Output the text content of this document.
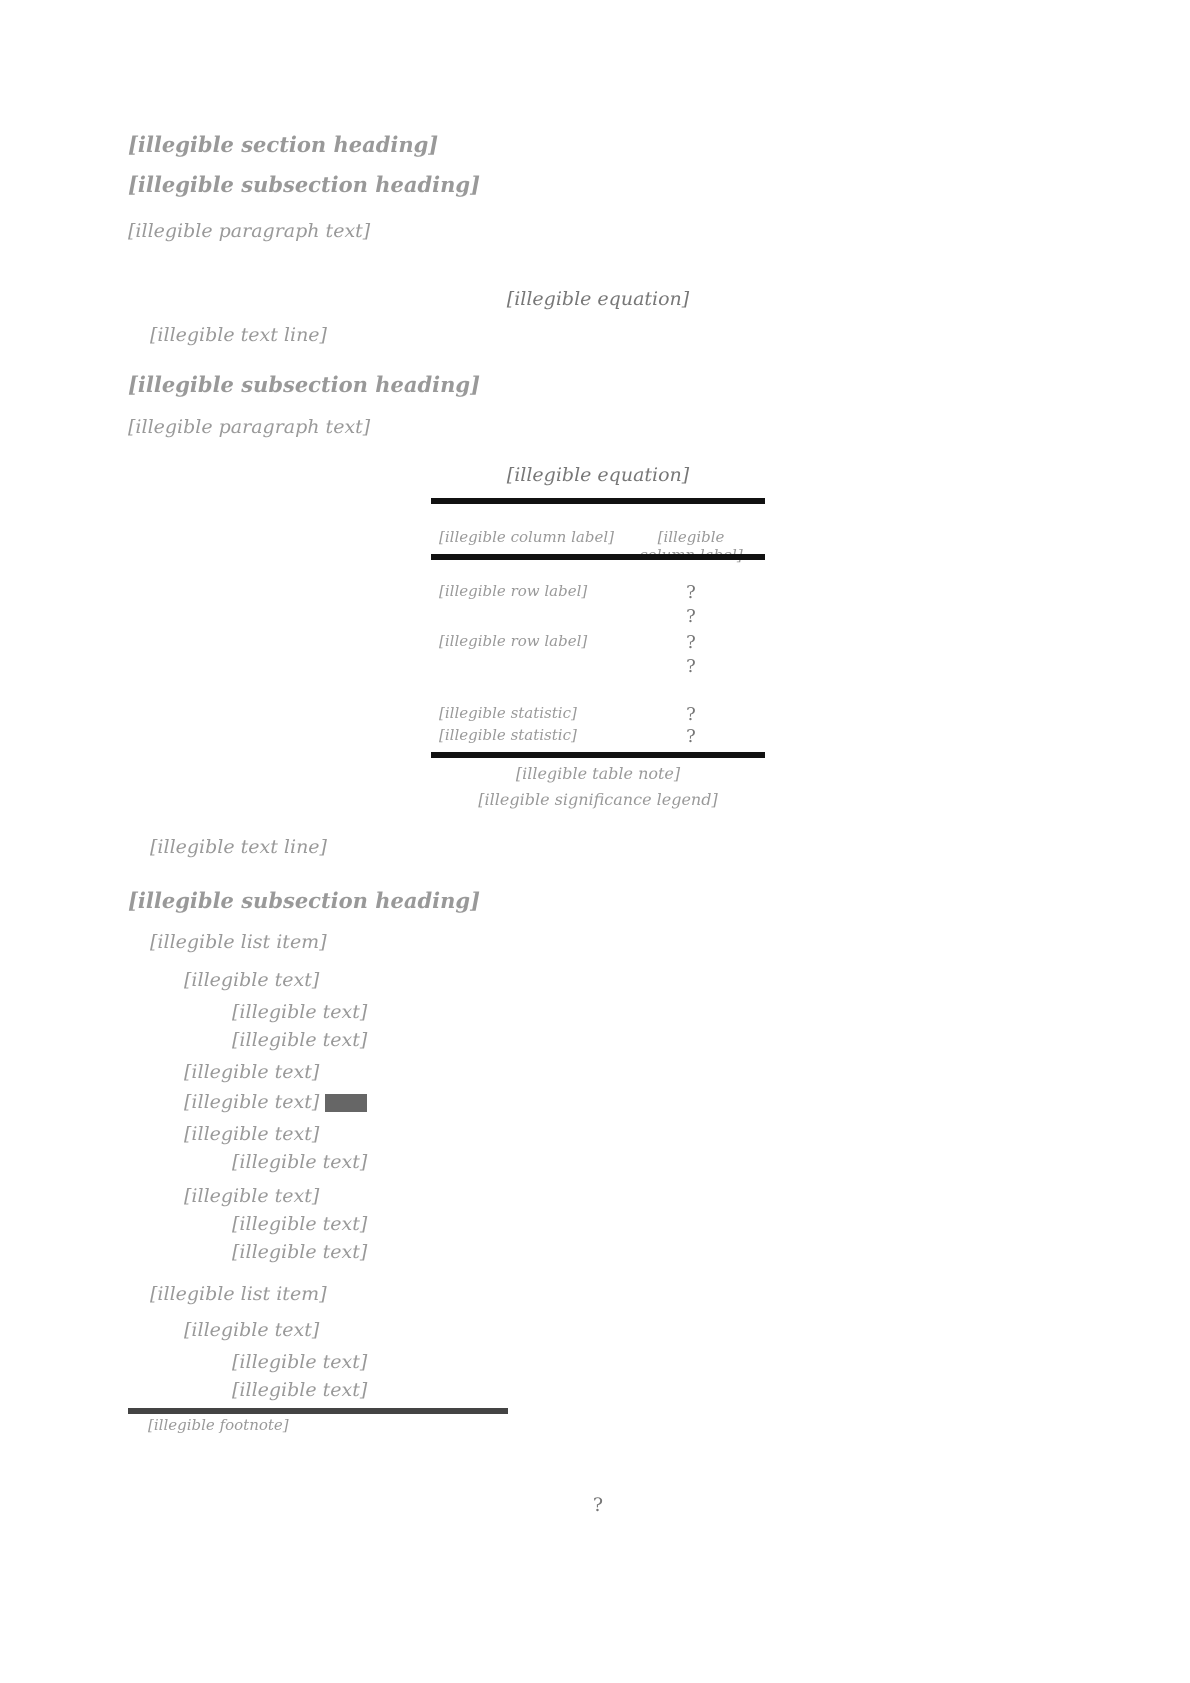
[illegible section heading]
[illegible subsection heading]

[illegible paragraph text]

[illegible equation]

[illegible text line]

[illegible subsection heading]

[illegible paragraph text]

[illegible equation]
[illegible column label]	[illegible
[illegible row label]	?
?
[illegible row label]	?
?
[illegible statistic]	?
[illegible statistic]	?
[illegible table note]
[illegible significance legend]

[illegible text line]

[illegible subsection heading]
[illegible list item]
[illegible text]
[illegible text]
[illegible text]
[illegible text]
[illegible text]
[illegible text]
[illegible text]
[illegible text]
[illegible text]
[illegible text]
[illegible list item]
[illegible text]
[illegible text]
[illegible text]
[illegible footnote]
?
